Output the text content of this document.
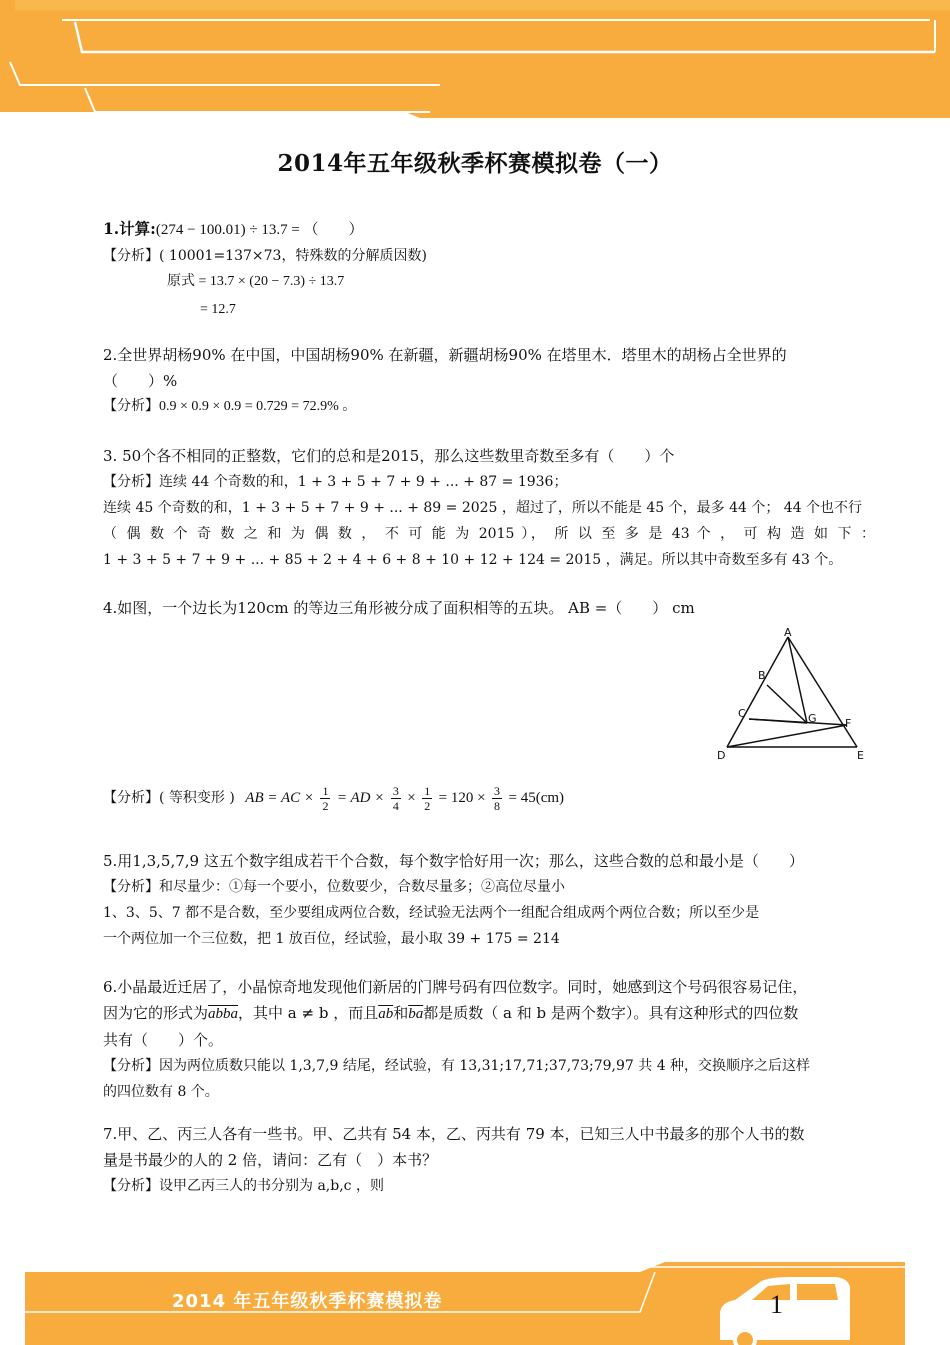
2014年五年级秋季杯赛模拟卷（一）
1.计算:(274 − 100.01) ÷ 13.7 = （　　）
【分析】( 10001=137×73，特殊数的分解质因数)
原式 = 13.7 × (20 − 7.3) ÷ 13.7
= 12.7
2.全世界胡杨90% 在中国，中国胡杨90% 在新疆，新疆胡杨90% 在塔里木．塔里木的胡杨占全世界的
（　　）%
【分析】0.9 × 0.9 × 0.9 = 0.729 = 72.9% 。
3. 50个各不相同的正整数，它们的总和是2015，那么这些数里奇数至多有（　　）个
【分析】连续 44 个奇数的和，1 + 3 + 5 + 7 + 9 + ... + 87 = 1936；
连续 45 个奇数的和，1 + 3 + 5 + 7 + 9 + ... + 89 = 2025 ，超过了，所以不能是 45 个，最多 44 个； 44 个也不行
（ 偶 数 个 奇 数 之 和 为 偶 数 ， 不 可 能 为 2015 ）， 所 以 至 多 是 43 个 ， 可 构 造 如 下 ：
1 + 3 + 5 + 7 + 9 + ... + 85 + 2 + 4 + 6 + 8 + 10 + 12 + 124 = 2015 ，满足。所以其中奇数至多有 43 个。
4.如图，一个边长为120cm 的等边三角形被分成了面积相等的五块。 AB =（　　） cm
A
B
C
D	E
F
G
【分析】( 等积变形 ) AB = AC × $\frac{1}{2}$ = AD × $\frac{3}{4} \times \frac{1}{2} = 120 \times \frac{3}{8} = 45(cm)$
5.用1,3,5,7,9 这五个数字组成若干个合数，每个数字恰好用一次；那么，这些合数的总和最小是（　　）
【分析】和尽量少：①每一个要小，位数要少，合数尽量多；②高位尽量小
1、3、5、7 都不是合数，至少要组成两位合数，经试验无法两个一组配合组成两个两位合数；所以至少是
一个两位加一个三位数，把 1 放百位，经试验，最小取 39 + 175 = 214
6.小晶最近迁居了，小晶惊奇地发现他们新居的门牌号码有四位数字。同时，她感到这个号码很容易记住，
因为它的形式为abba，其中 a ≠ b ，而且$\overline{ab}$和$\overline{ba}$都是质数（ a 和 b 是两个数字）。具有这种形式的四位数
共有（　　）个。
【分析】因为两位质数只能以 1,3,7,9 结尾，经试验，有 13,31;17,71;37,73;79,97 共 4 种，交换顺序之后这样
的四位数有 8 个。
7.甲、乙、丙三人各有一些书。甲、乙共有 54 本，乙、丙共有 79 本，已知三人中书最多的那个人书的数
量是书最少的人的 2 倍，请问：乙有（　）本书？
【分析】设甲乙丙三人的书分别为 a,b,c ，则
2014 年五年级秋季杯赛模拟卷	1
